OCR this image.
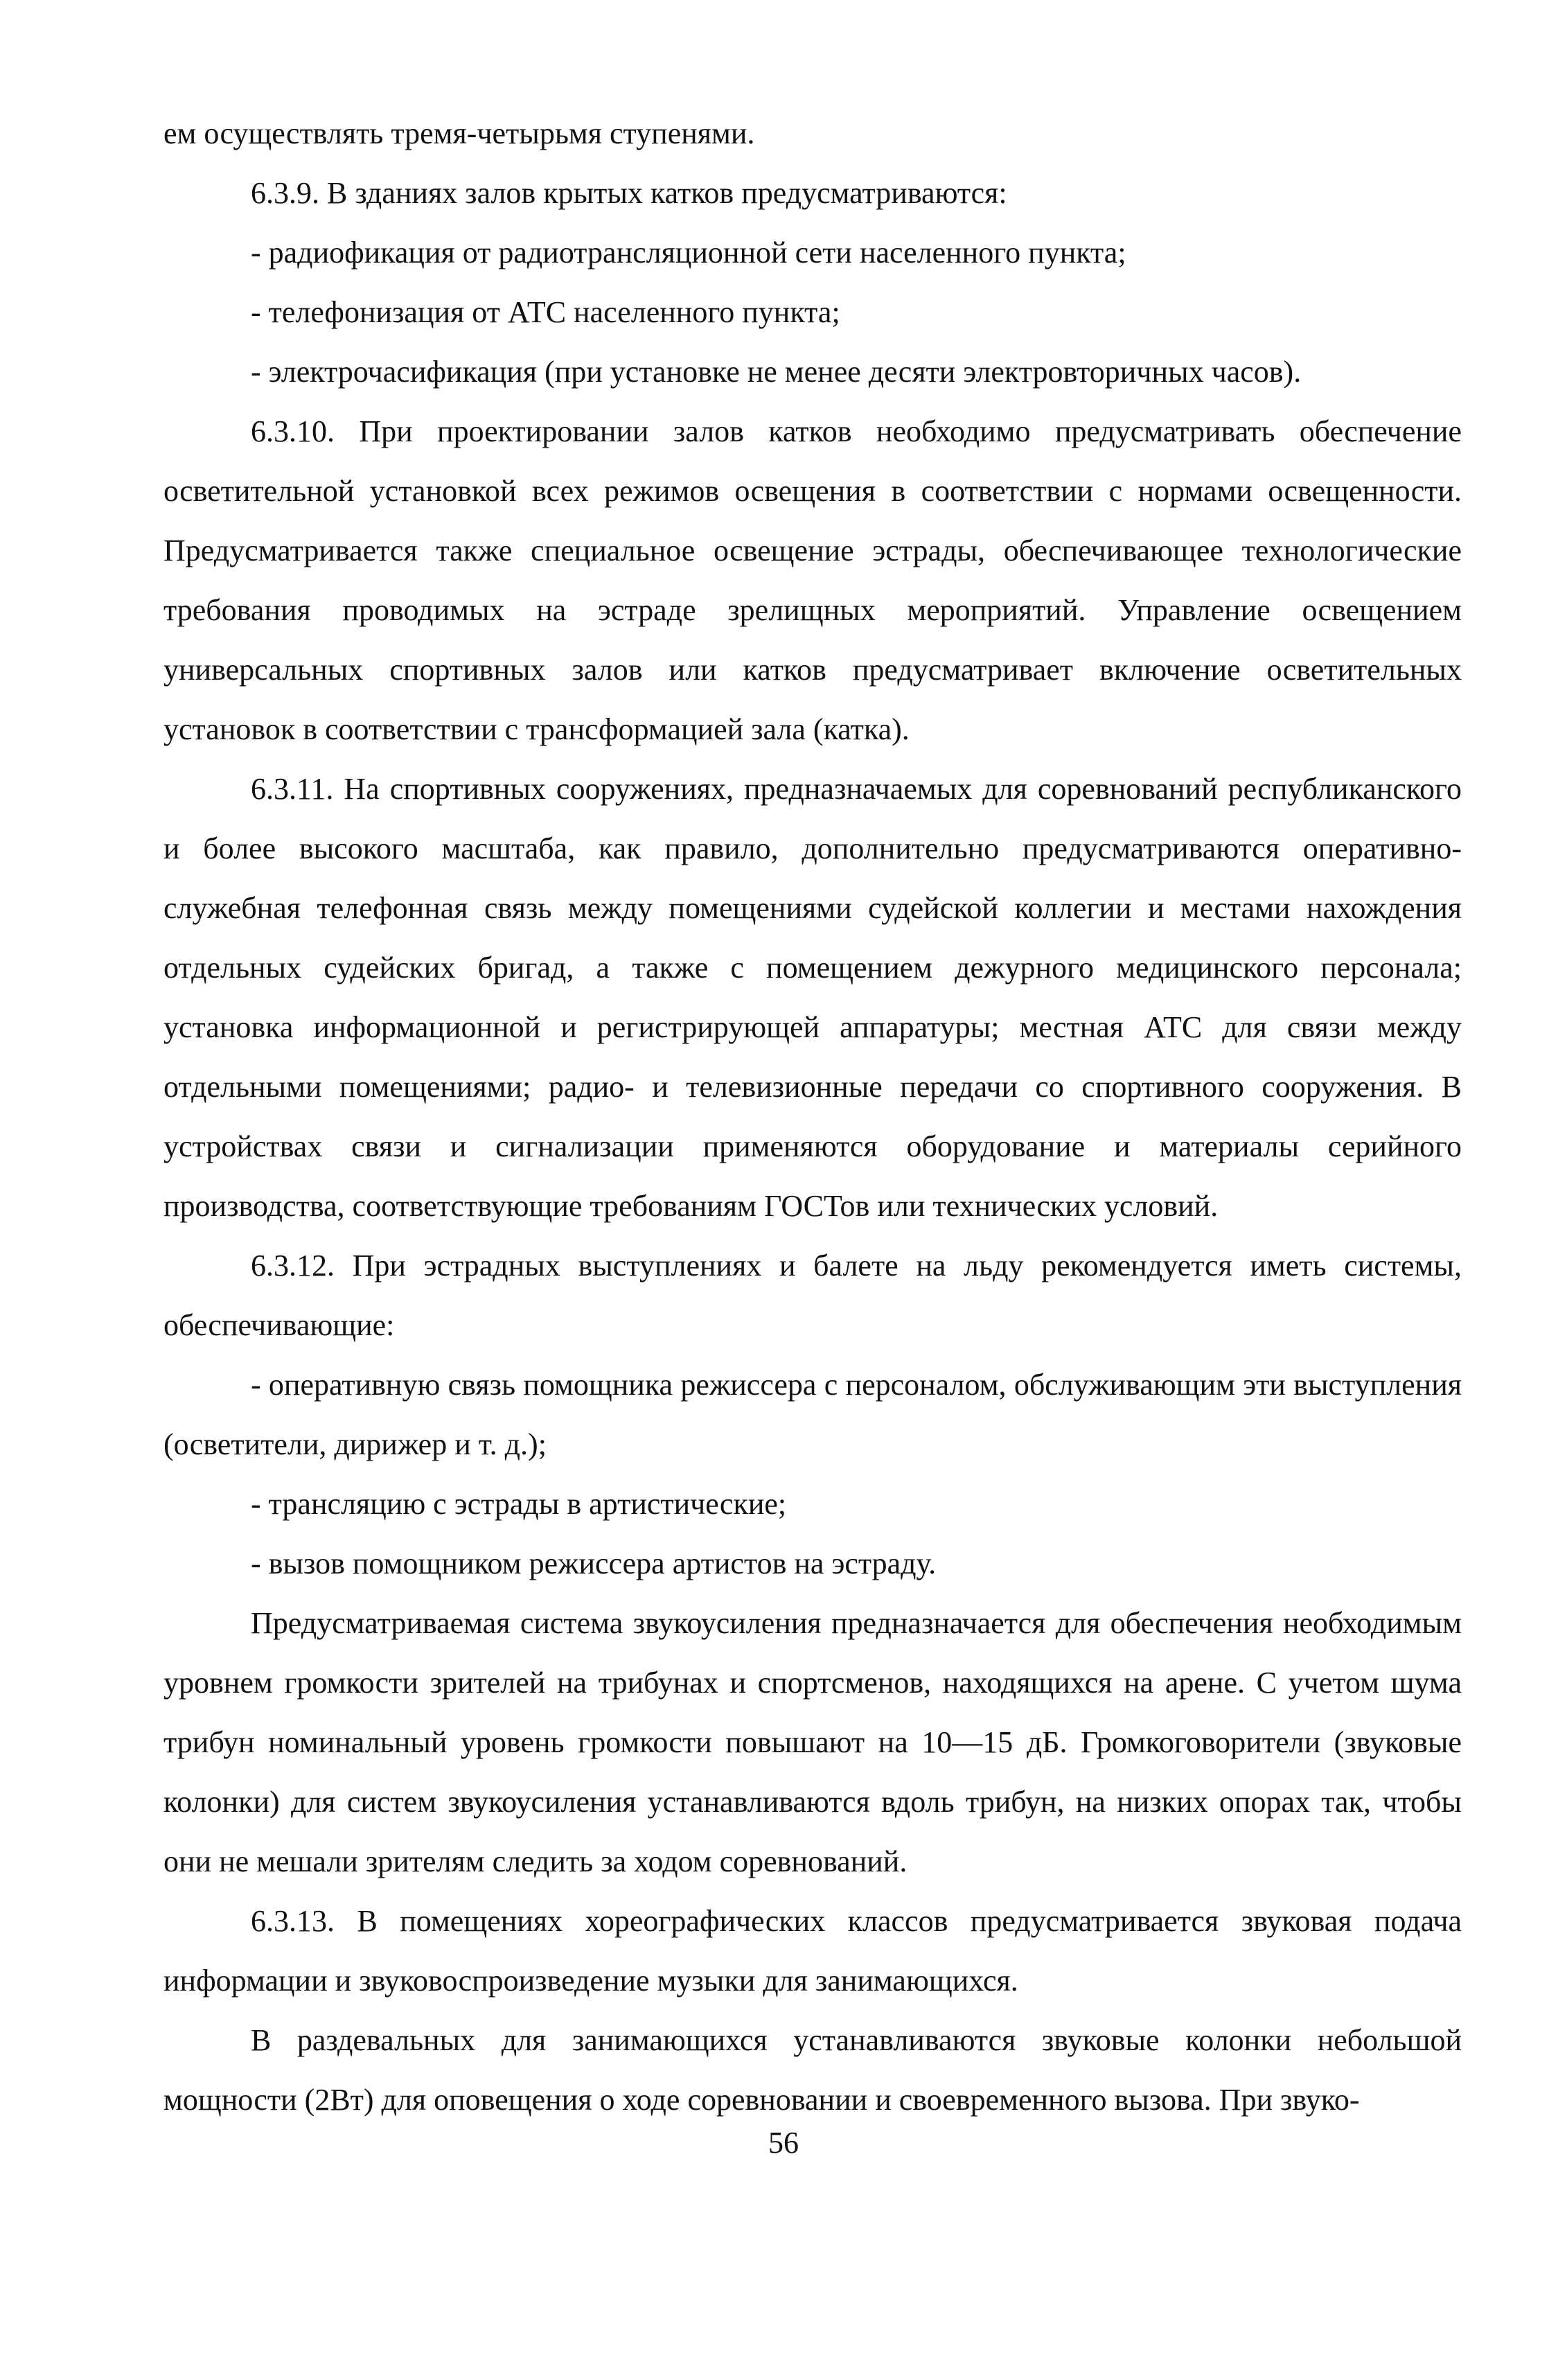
ем осуществлять тремя-четырьмя ступенями.

6.3.9. В зданиях залов крытых катков предусматриваются:

- радиофикация от радиотрансляционной сети населенного пункта;

- телефонизация от АТС населенного пункта;

- электрочасификация (при установке не менее десяти электровторичных часов).

6.3.10. При проектировании залов катков необходимо предусматривать обеспечение осветительной установкой всех режимов освещения в соответствии с нормами освещенности. Предусматривается также специальное освещение эстрады, обеспечивающее технологические требования проводимых на эстраде зрелищных мероприятий. Управление освещением универсальных спортивных залов или катков предусматривает включение осветительных установок в соответствии с трансформацией зала (катка).

6.3.11. На спортивных сооружениях, предназначаемых для соревнований республиканского и более высокого масштаба, как правило, дополнительно предусматриваются оперативно-служебная телефонная связь между помещениями судейской коллегии и местами нахождения отдельных судейских бригад, а также с помещением дежурного медицинского персонала; установка информационной и регистрирующей аппаратуры; местная АТС для связи между отдельными помещениями; радио- и телевизионные передачи со спортивного сооружения. В устройствах связи и сигнализации применяются оборудование и материалы серийного производства, соответствующие требованиям ГОСТов или технических условий.

6.3.12. При эстрадных выступлениях и балете на льду рекомендуется иметь системы, обеспечивающие:

- оперативную связь помощника режиссера с персоналом, обслуживающим эти выступления (осветители, дирижер и т. д.);

- трансляцию с эстрады в артистические;

- вызов помощником режиссера артистов на эстраду.

Предусматриваемая система звукоусиления предназначается для обеспечения необходимым уровнем громкости зрителей на трибунах и спортсменов, находящихся на арене. С учетом шума трибун номинальный уровень громкости повышают на 10—15 дБ. Громкоговорители (звуковые колонки) для систем звукоусиления устанавливаются вдоль трибун, на низких опорах так, чтобы они не мешали зрителям следить за ходом соревнований.

6.3.13. В помещениях хореографических классов предусматривается звуковая подача информации и звуковоспроизведение музыки для занимающихся.

В раздевальных для занимающихся устанавливаются звуковые колонки небольшой мощности (2Вт) для оповещения о ходе соревновании и своевременного вызова. При звуко-

56
